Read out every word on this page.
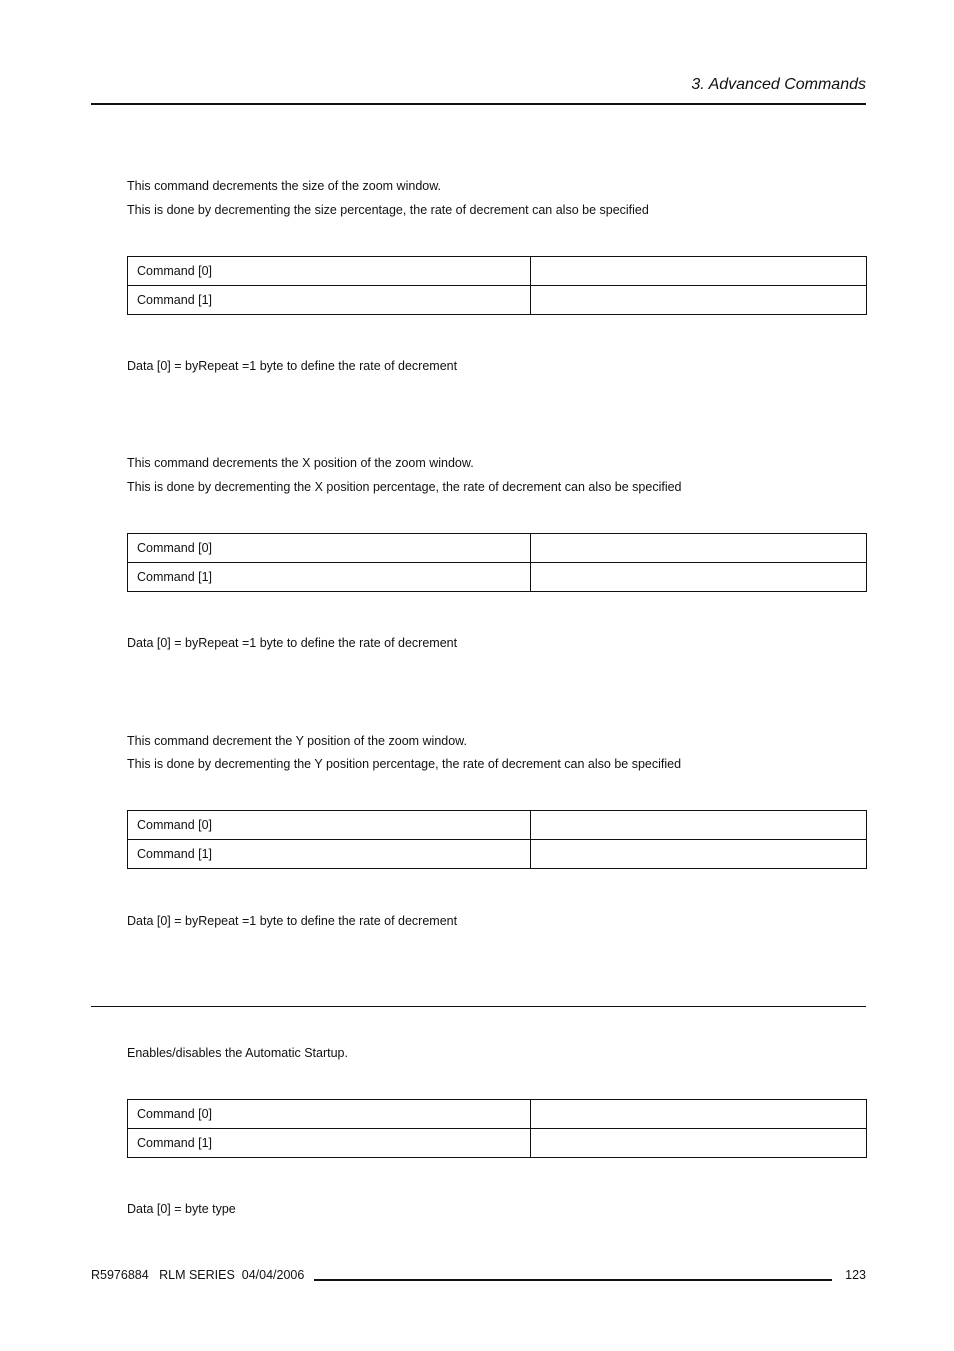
3. Advanced Commands
This command decrements the size of the zoom window.
This is done by decrementing the size percentage, the rate of decrement can also be specified
Command [0]	
Command [1]	
Data [0] = byRepeat =1 byte to define the rate of decrement
This command decrements the X position of the zoom window.
This is done by decrementing the X position percentage, the rate of decrement can also be specified
Command [0]	
Command [1]	
Data [0] = byRepeat =1 byte to define the rate of decrement
This command decrement the Y position of the zoom window.
This is done by decrementing the Y position percentage, the rate of decrement can also be specified
Command [0]	
Command [1]	
Data [0] = byRepeat =1 byte to define the rate of decrement
Enables/disables the Automatic Startup.
Command [0]	
Command [1]	
Data [0] = byte type
R5976884   RLM SERIES  04/04/2006	123
